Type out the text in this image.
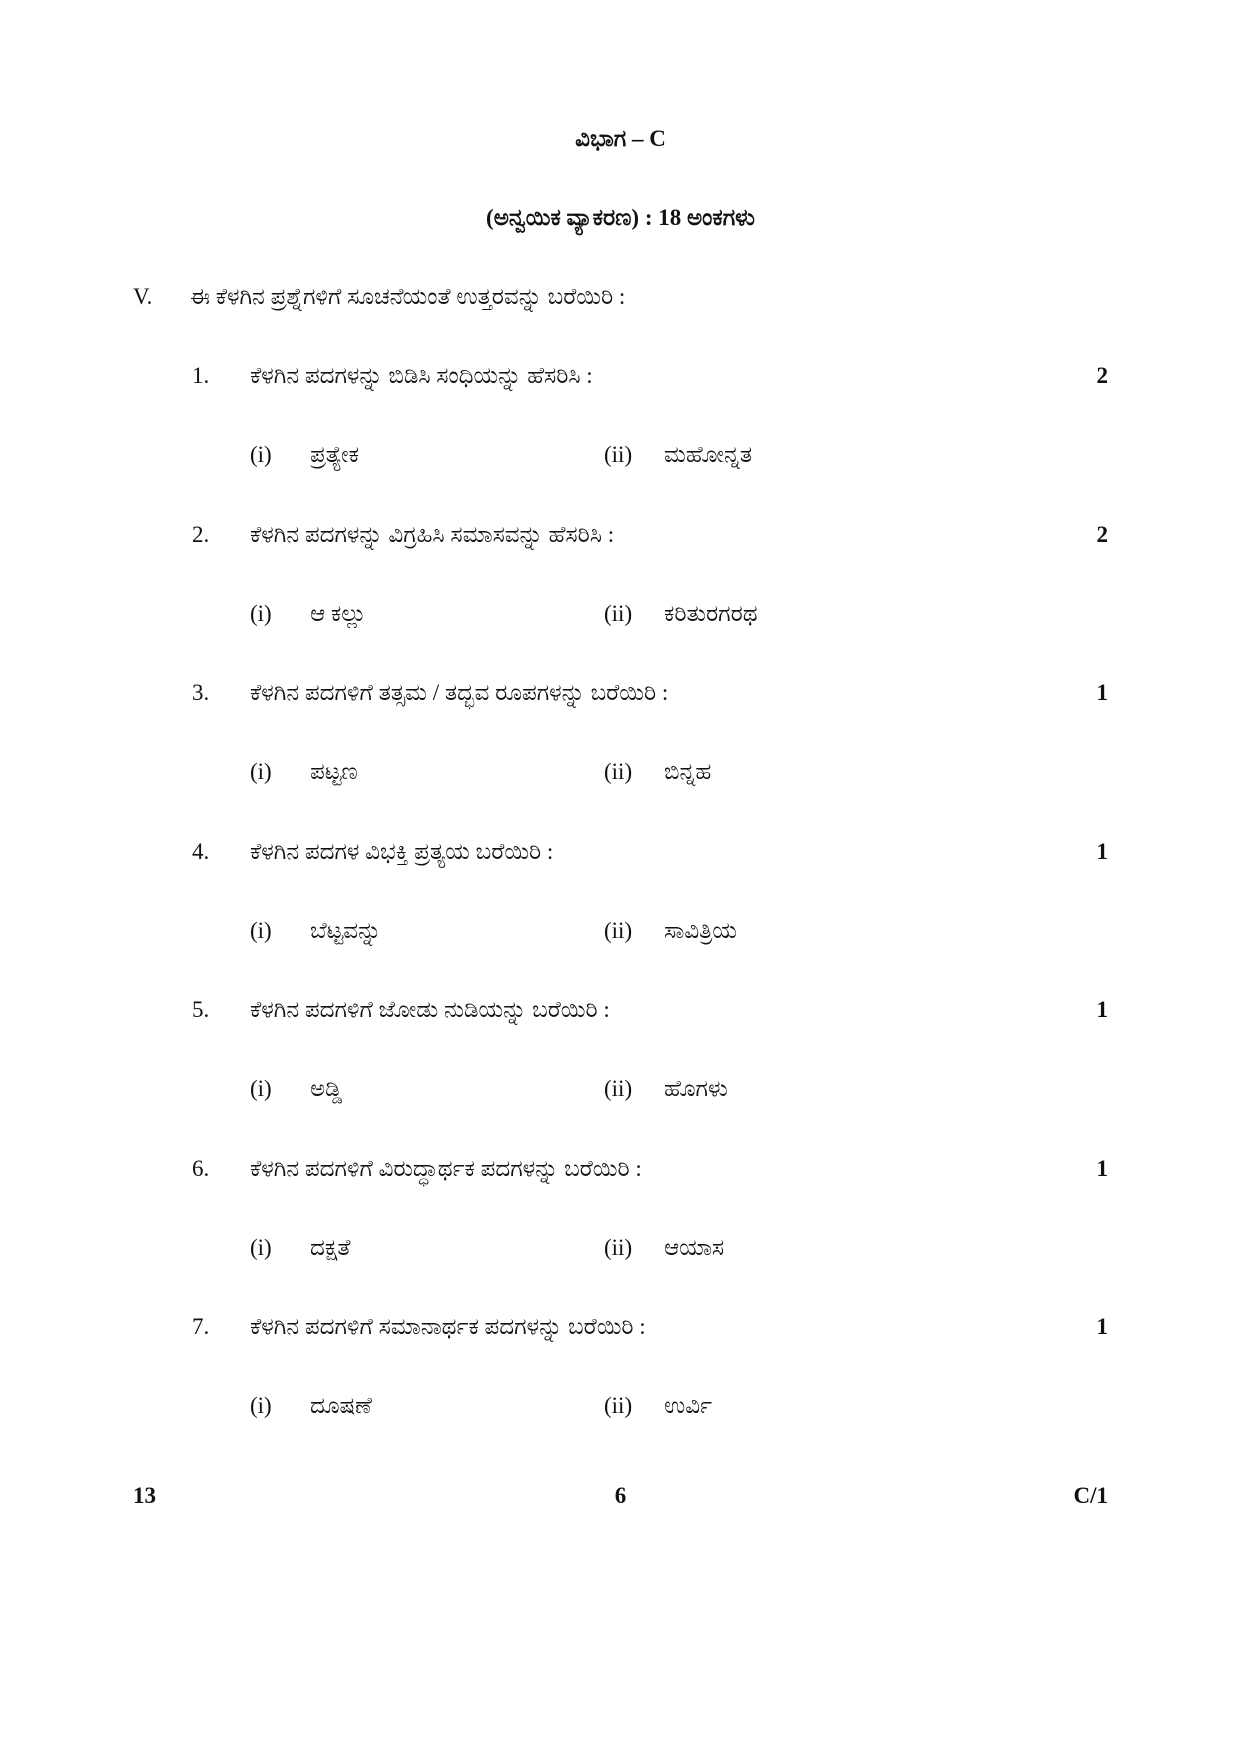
ವಿಭಾಗ – C
(ಅನ್ವಯಿಕ ವ್ಯಾಕರಣ) : 18 ಅಂಕಗಳು
V. ಈ ಕೆಳಗಿನ ಪ್ರಶ್ನೆಗಳಿಗೆ ಸೂಚನೆಯಂತೆ ಉತ್ತರವನ್ನು ಬರೆಯಿರಿ :
1. ಕೆಳಗಿನ ಪದಗಳನ್ನು ಬಿಡಿಸಿ ಸಂಧಿಯನ್ನು ಹೆಸರಿಸಿ :	2
(i) ಪ್ರತ್ಯೇಕ	(ii) ಮಹೋನ್ನತ
2. ಕೆಳಗಿನ ಪದಗಳನ್ನು ವಿಗ್ರಹಿಸಿ ಸಮಾಸವನ್ನು ಹೆಸರಿಸಿ :	2
(i) ಆ ಕಲ್ಲು	(ii) ಕರಿತುರಗರಥ
3. ಕೆಳಗಿನ ಪದಗಳಿಗೆ ತತ್ಸಮ / ತದ್ಭವ ರೂಪಗಳನ್ನು ಬರೆಯಿರಿ :	1
(i) ಪಟ್ಟಣ	(ii) ಬಿನ್ನಹ
4. ಕೆಳಗಿನ ಪದಗಳ ವಿಭಕ್ತಿ ಪ್ರತ್ಯಯ ಬರೆಯಿರಿ :	1
(i) ಬೆಟ್ಟವನ್ನು	(ii) ಸಾವಿತ್ರಿಯ
5. ಕೆಳಗಿನ ಪದಗಳಿಗೆ ಜೋಡು ನುಡಿಯನ್ನು ಬರೆಯಿರಿ :	1
(i) ಅಡ್ಡಿ	(ii) ಹೊಗಳು
6. ಕೆಳಗಿನ ಪದಗಳಿಗೆ ವಿರುದ್ಧಾರ್ಥಕ ಪದಗಳನ್ನು ಬರೆಯಿರಿ :	1
(i) ದಕ್ಷತೆ	(ii) ಆಯಾಸ
7. ಕೆಳಗಿನ ಪದಗಳಿಗೆ ಸಮಾನಾರ್ಥಕ ಪದಗಳನ್ನು ಬರೆಯಿರಿ :	1
(i) ದೂಷಣೆ	(ii) ಉರ್ವಿ
13	6	C/1
